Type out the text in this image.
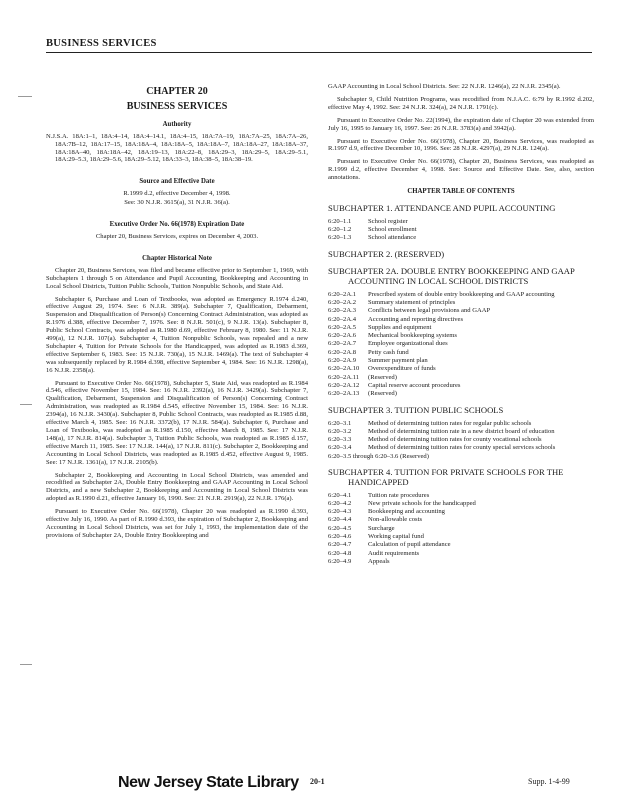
BUSINESS SERVICES
CHAPTER 20
BUSINESS SERVICES
Authority

N.J.S.A. 18A:1–1, 18A:4–14, 18A:4–14.1, 18A:4–15, 18A:7A–19, 18A:7A–25, 18A:7A–26, 18A:7B–12, 18A:17–15, 18A:18A–4, 18A:18A–5, 18A:18A–7, 18A:18A–27, 18A:18A–37, 18A:18A–40, 18A:18A–42, 18A:19–13, 18A:22–8, 18A:29–3, 18A:29–5, 18A:29–5.1, 18A:29–5.3, 18A:29–5.6, 18A:29–5.12, 18A:33–3, 18A:38–5, 18A:38–19.

Source and Effective Date

R.1999 d.2, effective December 4, 1998.

See: 30 N.J.R. 3615(a), 31 N.J.R. 36(a).

Executive Order No. 66(1978) Expiration Date

Chapter 20, Business Services, expires on December 4, 2003.

Chapter Historical Note

Chapter 20, Business Services, was filed and became effective prior to September 1, 1969, with Subchapters 1 through 5 on Attendance and Pupil Accounting, Bookkeeping and Accounting in Local School Districts, Tuition Public Schools, Tuition Nonpublic Schools, and State Aid.

Subchapter 6, Purchase and Loan of Textbooks, was adopted as Emergency R.1974 d.240, effective August 29, 1974. See: 6 N.J.R. 389(a). Subchapter 7, Qualification, Debarment, Suspension and Disqualification of Person(s) Concerning Contract Administration, was adopted as R.1976 d.388, effective December 7, 1976. See: 8 N.J.R. 501(c), 9 N.J.R. 13(a). Subchapter 8, Public School Contracts, was adopted as R.1980 d.69, effective February 8, 1980. See: 11 N.J.R. 499(a), 12 N.J.R. 107(a). Subchapter 4, Tuition Nonpublic Schools, was repealed and a new Subchapter 4, Tuition for Private Schools for the Handicapped, was adopted as R.1983 d.369, effective September 6, 1983. See: 15 N.J.R. 730(a), 15 N.J.R. 1469(a). The text of Subchapter 4 was subsequently replaced by R.1984 d.398, effective September 4, 1984. See: 16 N.J.R. 1298(a), 16 N.J.R. 2358(a).

Pursuant to Executive Order No. 66(1978), Subchapter 5, State Aid, was readopted as R.1984 d.546, effective November 15, 1984. See: 16 N.J.R. 2392(a), 16 N.J.R. 3429(a). Subchapter 7, Qualification, Debarment, Suspension and Disqualification of Person(s) Concerning Contract Administration, was readopted as R.1984 d.545, effective November 15, 1984. See: 16 N.J.R. 2394(a), 16 N.J.R. 3430(a). Subchapter 8, Public School Contracts, was readopted as R.1985 d.88, effective March 4, 1985. See: 16 N.J.R. 3372(b), 17 N.J.R. 584(a). Subchapter 6, Purchase and Loan of Textbooks, was readopted as R.1985 d.150, effective March 8, 1985. See: 17 N.J.R. 148(a), 17 N.J.R. 814(a). Subchapter 3, Tuition Public Schools, was readopted as R.1985 d.157, effective March 11, 1985. See: 17 N.J.R. 144(a), 17 N.J.R. 811(c). Subchapter 2, Bookkeeping and Accounting in Local School Districts, was readopted as R.1985 d.452, effective August 9, 1985. See: 17 N.J.R. 1361(a), 17 N.J.R. 2105(b).

Subchapter 2, Bookkeeping and Accounting in Local School Districts, was amended and recodified as Subchapter 2A, Double Entry Bookkeeping and GAAP Accounting in Local School Districts, and a new Subchapter 2, Bookkeeping and Accounting in Local School Districts was adopted as R.1990 d.21, effective January 16, 1990. See: 21 N.J.R. 2919(a), 22 N.J.R. 176(a).

Pursuant to Executive Order No. 66(1978), Chapter 20 was readopted as R.1990 d.393, effective July 16, 1990. As part of R.1990 d.393, the expiration of Subchapter 2, Bookkeeping and Accounting in Local School Districts, was set for July 1, 1993, the implementation date of the provisions of Subchapter 2A, Double Entry Bookkeeping and

GAAP Accounting in Local School Districts. See: 22 N.J.R. 1246(a), 22 N.J.R. 2345(a).

Subchapter 9, Child Nutrition Programs, was recodified from N.J.A.C. 6:79 by R.1992 d.202, effective May 4, 1992. See: 24 N.J.R. 324(a), 24 N.J.R. 1791(c).

Pursuant to Executive Order No. 22(1994), the expiration date of Chapter 20 was extended from July 16, 1995 to January 16, 1997. See: 26 N.J.R. 3783(a) and 3942(a).

Pursuant to Executive Order No. 66(1978), Chapter 20, Business Services, was readopted as R.1997 d.9, effective December 10, 1996. See: 28 N.J.R. 4297(a), 29 N.J.R. 124(a).

Pursuant to Executive Order No. 66(1978), Chapter 20, Business Services, was readopted as R.1999 d.2, effective December 4, 1998. See: Source and Effective Date. See, also, section annotations.

CHAPTER TABLE OF CONTENTS
SUBCHAPTER 1. ATTENDANCE AND PUPIL ACCOUNTING
6:20–1.1	School register
6:20–1.2	School enrollment
6:20–1.3	School attendance
SUBCHAPTER 2. (RESERVED)
SUBCHAPTER 2A. DOUBLE ENTRY BOOKKEEPING AND GAAP ACCOUNTING IN LOCAL SCHOOL DISTRICTS
6:20–2A.1	Prescribed system of double entry bookkeeping and GAAP accounting
6:20–2A.2	Summary statement of principles
6:20–2A.3	Conflicts between legal provisions and GAAP
6:20–2A.4	Accounting and reporting directives
6:20–2A.5	Supplies and equipment
6:20–2A.6	Mechanical bookkeeping systems
6:20–2A.7	Employee organizational dues
6:20–2A.8	Petty cash fund
6:20–2A.9	Summer payment plan
6:20–2A.10	Overexpenditure of funds
6:20–2A.11	(Reserved)
6:20–2A.12	Capital reserve account procedures
6:20–2A.13	(Reserved)
SUBCHAPTER 3. TUITION PUBLIC SCHOOLS
6:20–3.1	Method of determining tuition rates for regular public schools
6:20–3.2	Method of determining tuition rate in a new district board of education
6:20–3.3	Method of determining tuition rates for county vocational schools
6:20–3.4	Method of determining tuition rates for county special services schools
6:20–3.5 through 6:20–3.6 (Reserved)
SUBCHAPTER 4. TUITION FOR PRIVATE SCHOOLS FOR THE HANDICAPPED
6:20–4.1	Tuition rate procedures
6:20–4.2	New private schools for the handicapped
6:20–4.3	Bookkeeping and accounting
6:20–4.4	Non-allowable costs
6:20–4.5	Surcharge
6:20–4.6	Working capital fund
6:20–4.7	Calculation of pupil attendance
6:20–4.8	Audit requirements
6:20–4.9	Appeals
New Jersey State Library 20-1	Supp. 1-4-99
